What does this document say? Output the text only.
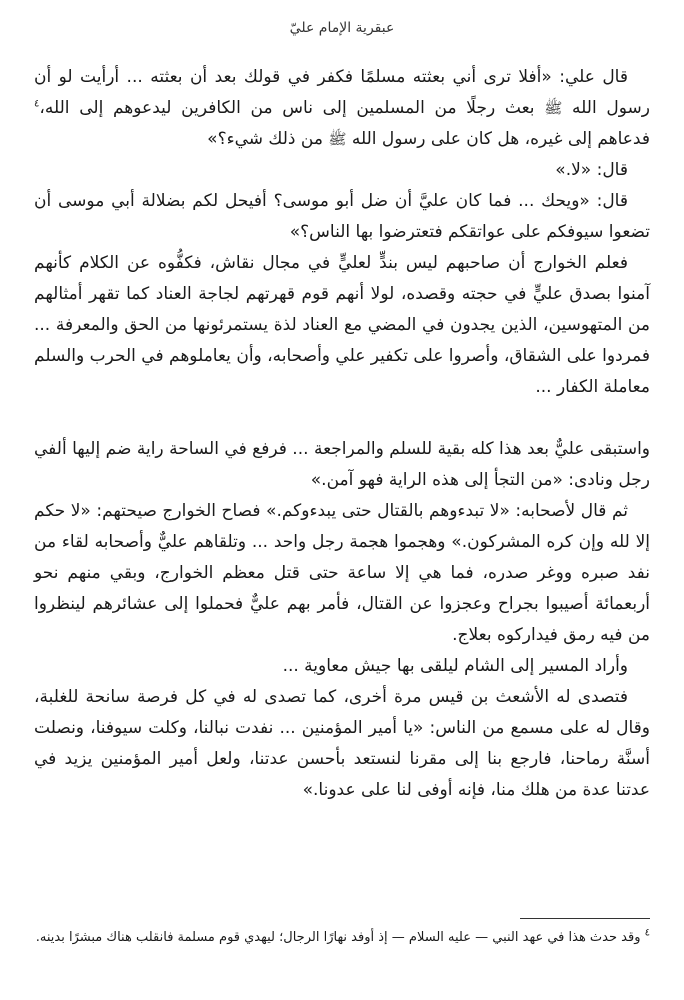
عبقرية الإمام عليّ

قال علي: «أفلا ترى أني بعثته مسلمًا فكفر في قولك بعد أن بعثته ... أرأيت لو أن رسول الله ﷺ بعث رجلًا من المسلمين إلى ناس من الكافرين ليدعوهم إلى الله،$^٤$ فدعاهم إلى غيره، هل كان على رسول الله ﷺ من ذلك شيء؟»

قال: «لا.»

قال: «ويحك ... فما كان عليَّ أن ضل أبو موسى؟ أفيحل لكم بضلالة أبي موسى أن تضعوا سيوفكم على عواتقكم فتعترضوا بها الناس؟»

فعلم الخوارج أن صاحبهم ليس بندٍّ لعليٍّ في مجال نقاش، فكفُّوه عن الكلام كأنهم آمنوا بصدق عليٍّ في حجته وقصده، لولا أنهم قوم قهرتهم لجاجة العناد كما تقهر أمثالهم من المتهوسين، الذين يجدون في المضي مع العناد لذة يستمرئونها من الحق والمعرفة ... فمردوا على الشقاق، وأصروا على تكفير علي وأصحابه، وأن يعاملوهم في الحرب والسلم معاملة الكفار ...

واستبقى عليٌّ بعد هذا كله بقية للسلم والمراجعة ... فرفع في الساحة راية ضم إليها ألفي رجل ونادى: «من التجأ إلى هذه الراية فهو آمن.»

ثم قال لأصحابه: «لا تبدءوهم بالقتال حتى يبدءوكم.» فصاح الخوارج صيحتهم: «لا حكم إلا لله وإن كره المشركون.» وهجموا هجمة رجل واحد ... وتلقاهم عليٌّ وأصحابه لقاء من نفد صبره ووغر صدره، فما هي إلا ساعة حتى قتل معظم الخوارج، وبقي منهم نحو أربعمائة أصيبوا بجراح وعجزوا عن القتال، فأمر بهم عليٌّ فحملوا إلى عشائرهم لينظروا من فيه رمق فيداركوه بعلاج.

وأراد المسير إلى الشام ليلقى بها جيش معاوية ...

فتصدى له الأشعث بن قيس مرة أخرى، كما تصدى له في كل فرصة سانحة للغلبة، وقال له على مسمع من الناس: «يا أمير المؤمنين ... نفدت نبالنا، وكلت سيوفنا، ونصلت أسنَّة رماحنا، فارجع بنا إلى مقرنا لنستعد بأحسن عدتنا، ولعل أمير المؤمنين يزيد في عدتنا عدة من هلك منا، فإنه أوفى لنا على عدونا.»

$^٤$ وقد حدث هذا في عهد النبي — عليه السلام — إذ أوفد نهارًا الرجال؛ ليهدي قوم مسلمة فانقلب هناك مبشرًا بدينه.
